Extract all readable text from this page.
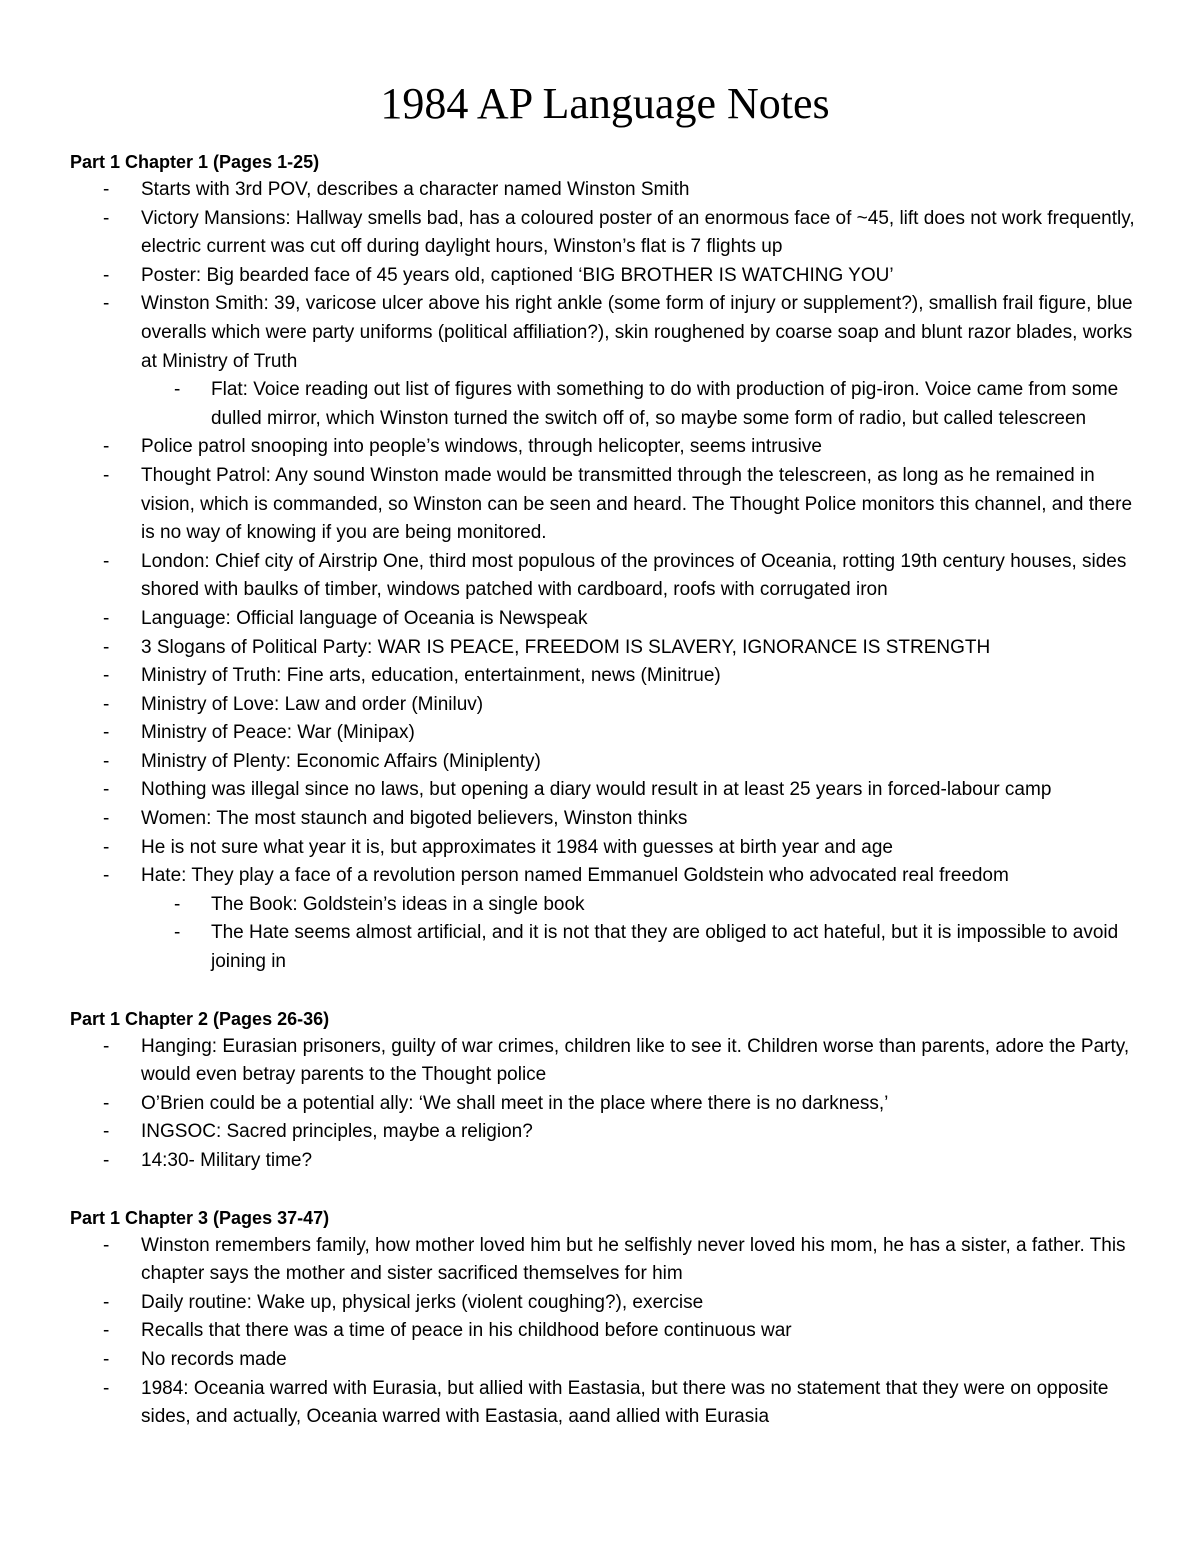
1984 AP Language Notes

Part 1 Chapter 1 (Pages 1-25)

- Starts with 3rd POV, describes a character named Winston Smith
- Victory Mansions: Hallway smells bad, has a coloured poster of an enormous face of ~45, lift does not work frequently, electric current was cut off during daylight hours, Winston’s flat is 7 flights up
- Poster: Big bearded face of 45 years old, captioned ‘BIG BROTHER IS WATCHING YOU’
- Winston Smith: 39, varicose ulcer above his right ankle (some form of injury or supplement?), smallish frail figure, blue overalls which were party uniforms (political affiliation?), skin roughened by coarse soap and blunt razor blades, works at Ministry of Truth
- Flat: Voice reading out list of figures with something to do with production of pig-iron. Voice came from some dulled mirror, which Winston turned the switch off of, so maybe some form of radio, but called telescreen
- Police patrol snooping into people’s windows, through helicopter, seems intrusive
- Thought Patrol: Any sound Winston made would be transmitted through the telescreen, as long as he remained in vision, which is commanded, so Winston can be seen and heard. The Thought Police monitors this channel, and there is no way of knowing if you are being monitored.
- London: Chief city of Airstrip One, third most populous of the provinces of Oceania, rotting 19th century houses, sides shored with baulks of timber, windows patched with cardboard, roofs with corrugated iron
- Language: Official language of Oceania is Newspeak
- 3 Slogans of Political Party: WAR IS PEACE, FREEDOM IS SLAVERY, IGNORANCE IS STRENGTH
- Ministry of Truth: Fine arts, education, entertainment, news (Minitrue)
- Ministry of Love: Law and order (Miniluv)
- Ministry of Peace: War (Minipax)
- Ministry of Plenty: Economic Affairs (Miniplenty)
- Nothing was illegal since no laws, but opening a diary would result in at least 25 years in forced-labour camp
- Women: The most staunch and bigoted believers, Winston thinks
- He is not sure what year it is, but approximates it 1984 with guesses at birth year and age
- Hate: They play a face of a revolution person named Emmanuel Goldstein who advocated real freedom
- The Book: Goldstein’s ideas in a single book
- The Hate seems almost artificial, and it is not that they are obliged to act hateful, but it is impossible to avoid joining in

Part 1 Chapter 2 (Pages 26-36)

- Hanging: Eurasian prisoners, guilty of war crimes, children like to see it. Children worse than parents, adore the Party, would even betray parents to the Thought police
- O’Brien could be a potential ally: ‘We shall meet in the place where there is no darkness,’
- INGSOC: Sacred principles, maybe a religion?
- 14:30- Military time?

Part 1 Chapter 3 (Pages 37-47)

- Winston remembers family, how mother loved him but he selfishly never loved his mom, he has a sister, a father. This chapter says the mother and sister sacrificed themselves for him
- Daily routine: Wake up, physical jerks (violent coughing?), exercise
- Recalls that there was a time of peace in his childhood before continuous war
- No records made
- 1984: Oceania warred with Eurasia, but allied with Eastasia, but there was no statement that they were on opposite sides, and actually, Oceania warred with Eastasia, aand allied with Eurasia
